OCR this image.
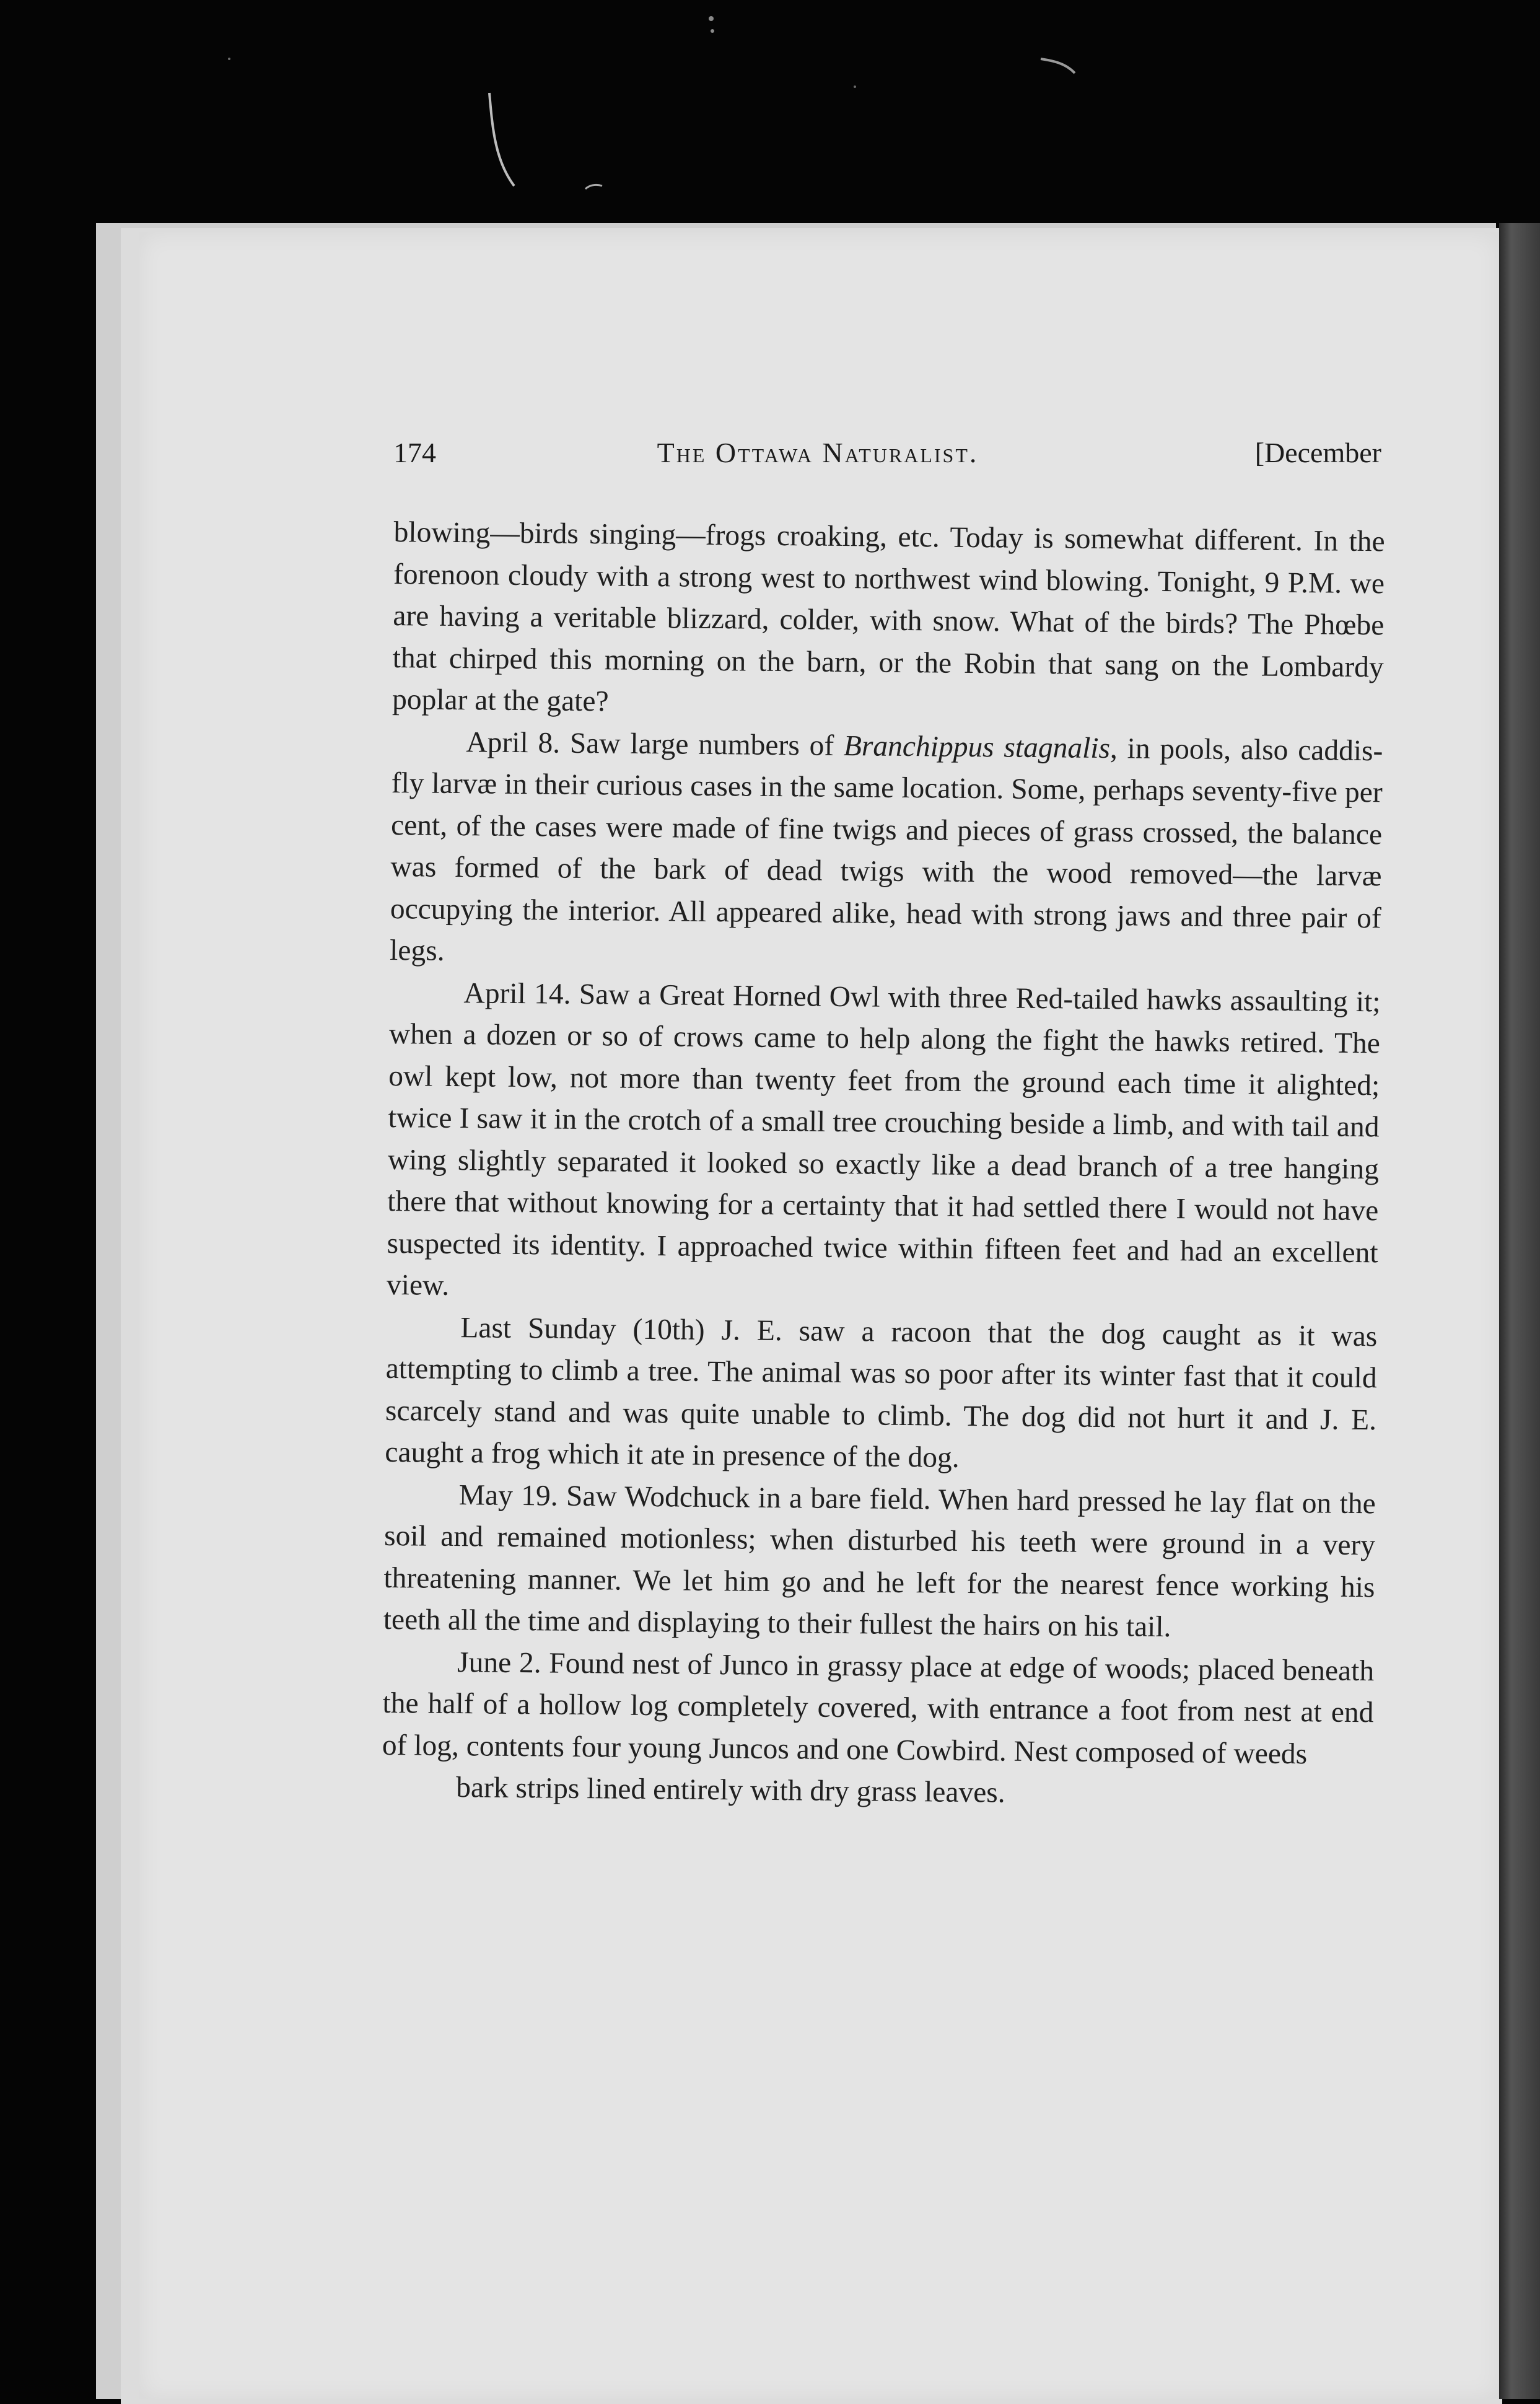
174	The Ottawa Naturalist.	[December

blowing—birds singing—frogs croaking, etc. Today is somewhat different. In the forenoon cloudy with a strong west to northwest wind blowing. Tonight, 9 P.M. we are having a veritable blizzard, colder, with snow. What of the birds? The Phœbe that chirped this morning on the barn, or the Robin that sang on the Lombardy poplar at the gate?

April 8. Saw large numbers of Branchippus stagnalis, in pools, also caddis-fly larvæ in their curious cases in the same location. Some, perhaps seventy-five per cent, of the cases were made of fine twigs and pieces of grass crossed, the balance was formed of the bark of dead twigs with the wood removed—the larvæ occupying the interior. All appeared alike, head with strong jaws and three pair of legs.

April 14. Saw a Great Horned Owl with three Red-tailed hawks assaulting it; when a dozen or so of crows came to help along the fight the hawks retired. The owl kept low, not more than twenty feet from the ground each time it alighted; twice I saw it in the crotch of a small tree crouching beside a limb, and with tail and wing slightly separated it looked so exactly like a dead branch of a tree hanging there that without knowing for a certainty that it had settled there I would not have suspected its identity. I approached twice within fifteen feet and had an excellent view.

Last Sunday (10th) J. E. saw a racoon that the dog caught as it was attempting to climb a tree. The animal was so poor after its winter fast that it could scarcely stand and was quite unable to climb. The dog did not hurt it and J. E. caught a frog which it ate in presence of the dog.

May 19. Saw Wodchuck in a bare field. When hard pressed he lay flat on the soil and remained motionless; when disturbed his teeth were ground in a very threatening manner. We let him go and he left for the nearest fence working his teeth all the time and displaying to their fullest the hairs on his tail.

June 2. Found nest of Junco in grassy place at edge of woods; placed beneath the half of a hollow log completely covered, with entrance a foot from nest at end of log, contents four young Juncos and one Cowbird. Nest composed of weeds

bark strips lined entirely with dry grass leaves.
